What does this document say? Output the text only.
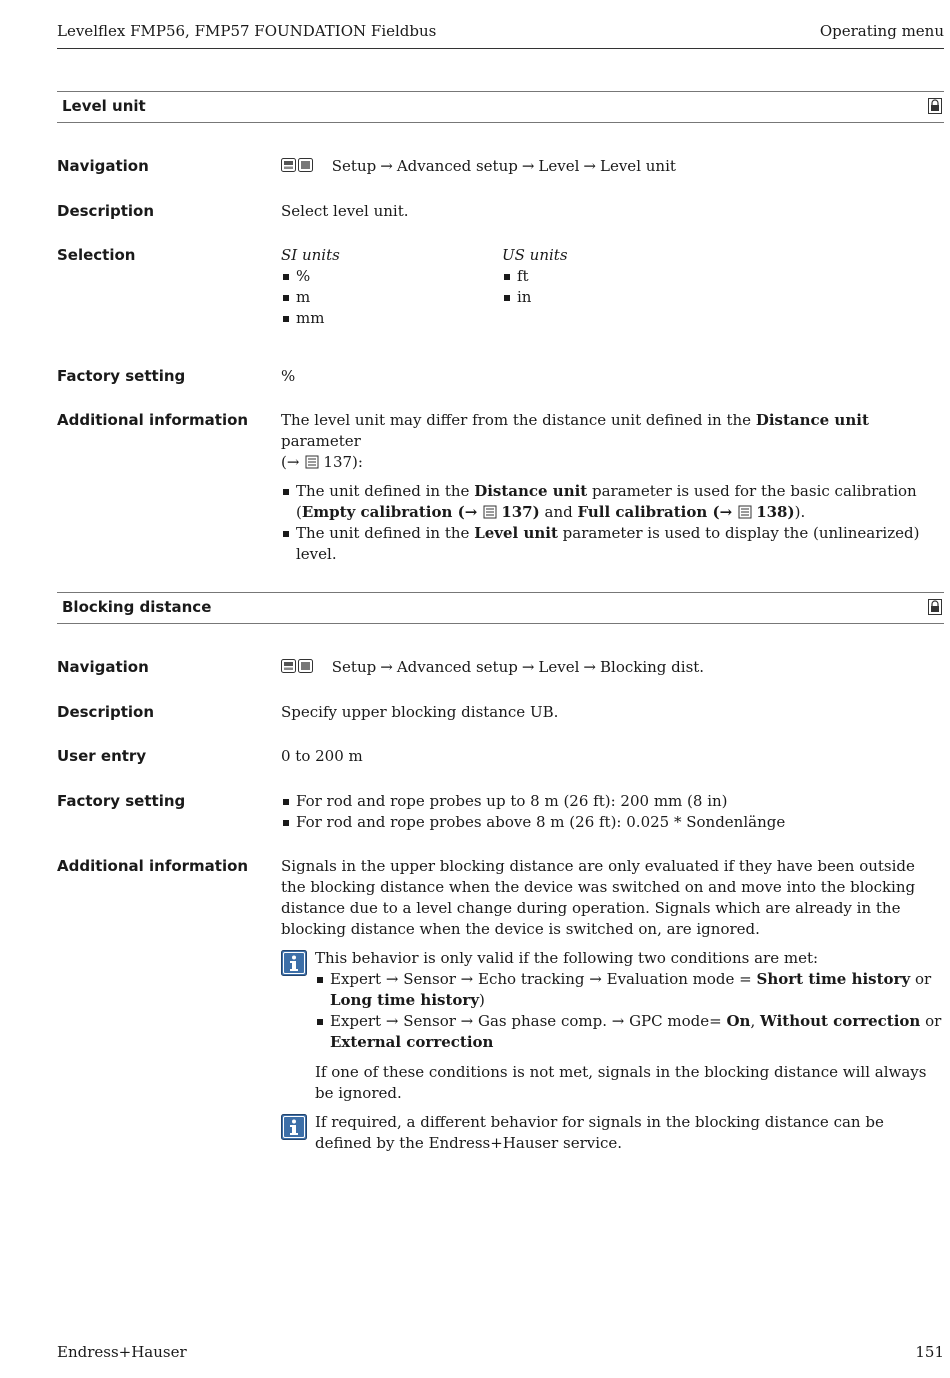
Levelflex FMP56, FMP57 FOUNDATION Fieldbus	Operating menu
Level unit
Navigation	Setup → Advanced setup → Level → Level unit
Description	Select level unit.
Selection	SI units
%
m
mm
US units
ft
in
Factory setting	%
Additional information The level unit may differ from the distance unit defined in the Distance unit parameter
(→ 137):
The unit defined in the Distance unit parameter is used for the basic calibration (Empty calibration (→ 137) and Full calibration (→ 138)).
The unit defined in the Level unit parameter is used to display the (unlinearized) level.
Blocking distance
Navigation	Setup → Advanced setup → Level → Blocking dist.
Description	Specify upper blocking distance UB.
User entry	0 to 200 m
Factory setting	For rod and rope probes up to 8 m (26 ft): 200 mm (8 in)
For rod and rope probes above 8 m (26 ft): 0.025 * Sondenlänge
Additional information Signals in the upper blocking distance are only evaluated if they have been outside the blocking distance when the device was switched on and move into the blocking distance due to a level change during operation. Signals which are already in the blocking distance when the device is switched on, are ignored.
This behavior is only valid if the following two conditions are met:
Expert → Sensor → Echo tracking → Evaluation mode = Short time history or Long time history)
Expert → Sensor → Gas phase comp. → GPC mode= On, Without correction or External correction
If one of these conditions is not met, signals in the blocking distance will always be ignored.
If required, a different behavior for signals in the blocking distance can be defined by the Endress+Hauser service.
Endress+Hauser	151
